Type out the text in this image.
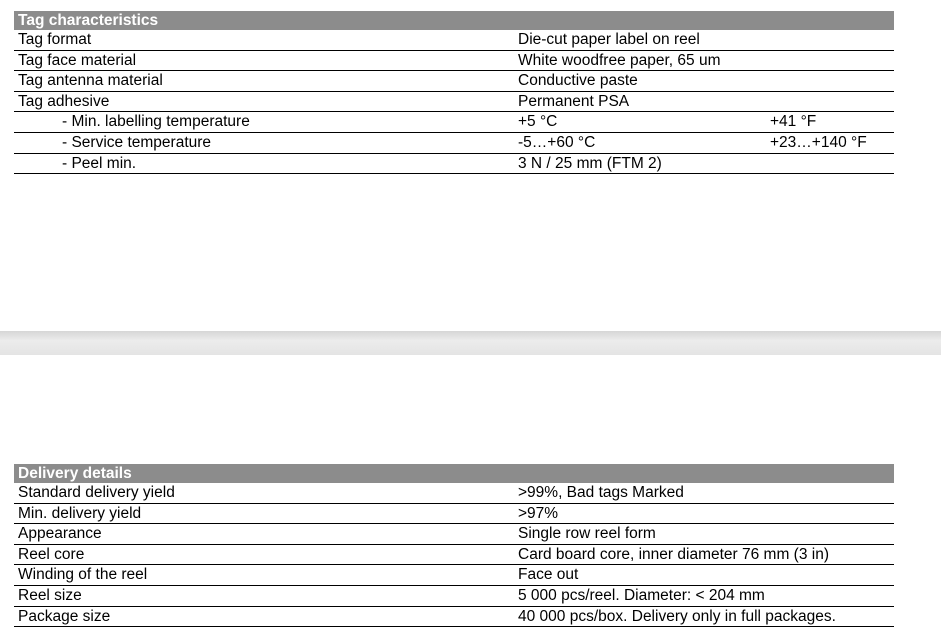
Tag characteristics
Tag format	Die-cut paper label on reel
Tag face material	White woodfree paper, 65 um
Tag antenna material	Conductive paste
Tag adhesive	Permanent PSA
- Min. labelling temperature	+5 °C	+41 °F
- Service temperature	-5…+60 °C	+23…+140 °F
- Peel min.	3 N / 25 mm (FTM 2)
Delivery details
Standard delivery yield	>99%, Bad tags Marked
Min. delivery yield	>97%
Appearance	Single row reel form
Reel core	Card board core, inner diameter 76 mm (3 in)
Winding of the reel	Face out
Reel size	5 000 pcs/reel. Diameter: < 204 mm
Package size	40 000 pcs/box. Delivery only in full packages.
